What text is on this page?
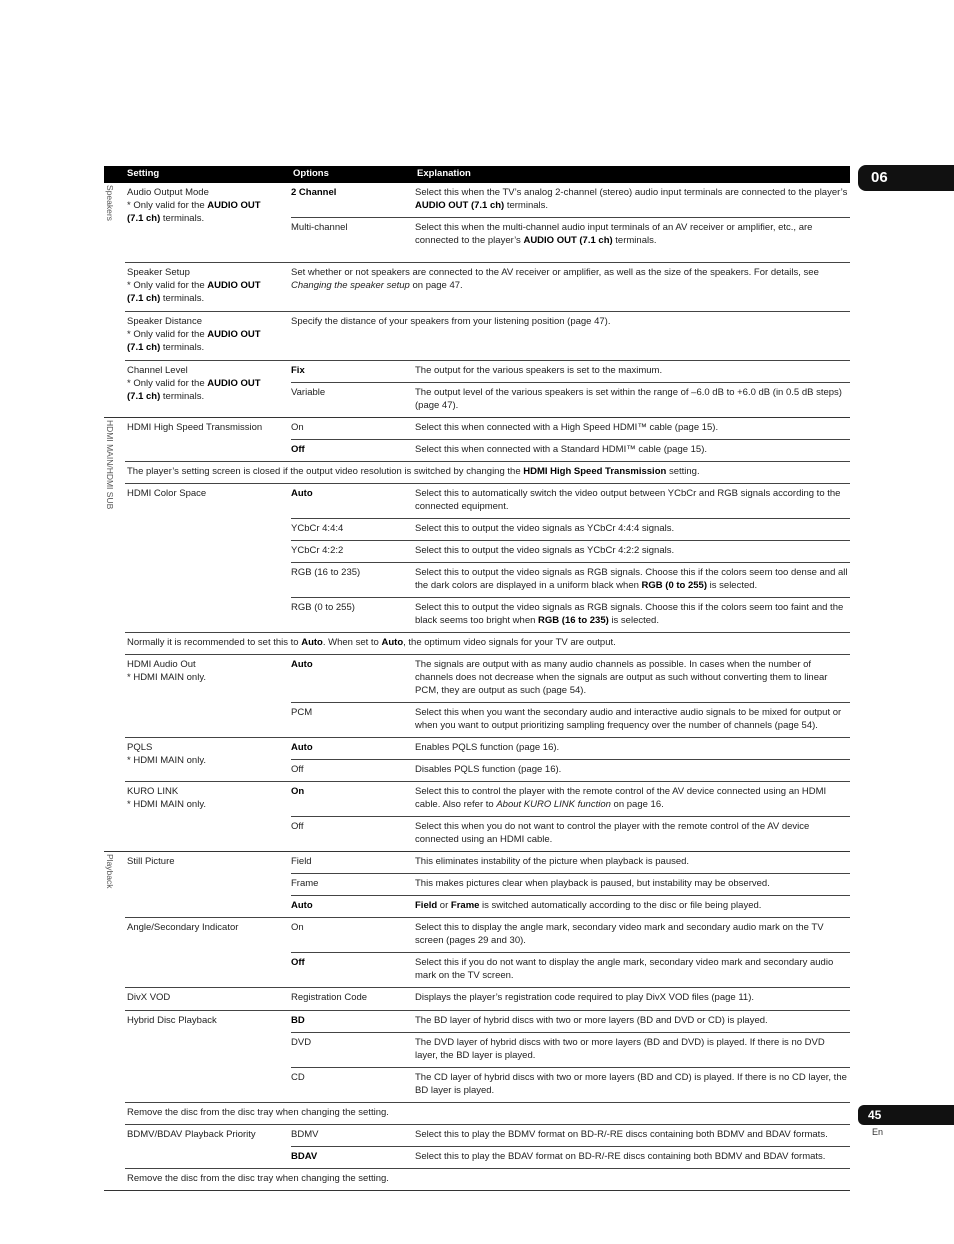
06
45
En
Setting	Options	Explanation
Speakers	Audio Output Mode
* Only valid for the AUDIO OUT
(7.1 ch) terminals.
2 Channel	Select this when the TV’s analog 2-channel (stereo) audio input terminals are connected to the player’s AUDIO OUT (7.1 ch) terminals.
Multi-channel	Select this when the multi-channel audio input terminals of an AV receiver or amplifier, etc., are connected to the player’s AUDIO OUT (7.1 ch) terminals.
Speaker Setup
* Only valid for the AUDIO OUT
(7.1 ch) terminals.
Set whether or not speakers are connected to the AV receiver or amplifier, as well as the size of the speakers. For details, see Changing the speaker setup on page 47.
Speaker Distance
* Only valid for the AUDIO OUT
(7.1 ch) terminals.
Specify the distance of your speakers from your listening position (page 47).
Channel Level
* Only valid for the AUDIO OUT
(7.1 ch) terminals.
Fix	The output for the various speakers is set to the maximum.
Variable	The output level of the various speakers is set within the range of –6.0 dB to +6.0 dB (in 0.5 dB steps) (page 47).
HDMI MAIN/HDMI SUB	HDMI High Speed Transmission	On	Select this when connected with a High Speed HDMI™ cable (page 15).
Off	Select this when connected with a Standard HDMI™ cable (page 15).
The player’s setting screen is closed if the output video resolution is switched by changing the HDMI High Speed Transmission setting.
HDMI Color Space	Auto	Select this to automatically switch the video output between YCbCr and RGB signals according to the connected equipment.
YCbCr 4:4:4	Select this to output the video signals as YCbCr 4:4:4 signals.
YCbCr 4:2:2	Select this to output the video signals as YCbCr 4:2:2 signals.
RGB (16 to 235)	Select this to output the video signals as RGB signals. Choose this if the colors seem too dense and all the dark colors are displayed in a uniform black when RGB (0 to 255) is selected.
RGB (0 to 255)	Select this to output the video signals as RGB signals. Choose this if the colors seem too faint and the black seems too bright when RGB (16 to 235) is selected.
Normally it is recommended to set this to Auto. When set to Auto, the optimum video signals for your TV are output.
HDMI Audio Out
* HDMI MAIN only.
Auto	The signals are output with as many audio channels as possible. In cases when the number of channels does not decrease when the signals are output as such without converting them to linear PCM, they are output as such (page 54).
PCM	Select this when you want the secondary audio and interactive audio signals to be mixed for output or when you want to output prioritizing sampling frequency over the number of channels (page 54).
PQLS
* HDMI MAIN only.
Auto	Enables PQLS function (page 16).
Off	Disables PQLS function (page 16).
KURO LINK
* HDMI MAIN only.
On	Select this to control the player with the remote control of the AV device connected using an HDMI cable. Also refer to About KURO LINK function on page 16.
Off	Select this when you do not want to control the player with the remote control of the AV device connected using an HDMI cable.
Playback	Still Picture	Field	This eliminates instability of the picture when playback is paused.
Frame	This makes pictures clear when playback is paused, but instability may be observed.
Auto	Field or Frame is switched automatically according to the disc or file being played.
Angle/Secondary Indicator	On	Select this to display the angle mark, secondary video mark and secondary audio mark on the TV screen (pages 29 and 30).
Off	Select this if you do not want to display the angle mark, secondary video mark and secondary audio mark on the TV screen.
DivX VOD	Registration Code	Displays the player’s registration code required to play DivX VOD files (page 11).
Hybrid Disc Playback	BD	The BD layer of hybrid discs with two or more layers (BD and DVD or CD) is played.
DVD	The DVD layer of hybrid discs with two or more layers (BD and DVD) is played. If there is no DVD layer, the BD layer is played.
CD	The CD layer of hybrid discs with two or more layers (BD and CD) is played. If there is no CD layer, the BD layer is played.
Remove the disc from the disc tray when changing the setting.
BDMV/BDAV Playback Priority	BDMV	Select this to play the BDMV format on BD-R/-RE discs containing both BDMV and BDAV formats.
BDAV	Select this to play the BDAV format on BD-R/-RE discs containing both BDMV and BDAV formats.
Remove the disc from the disc tray when changing the setting.
